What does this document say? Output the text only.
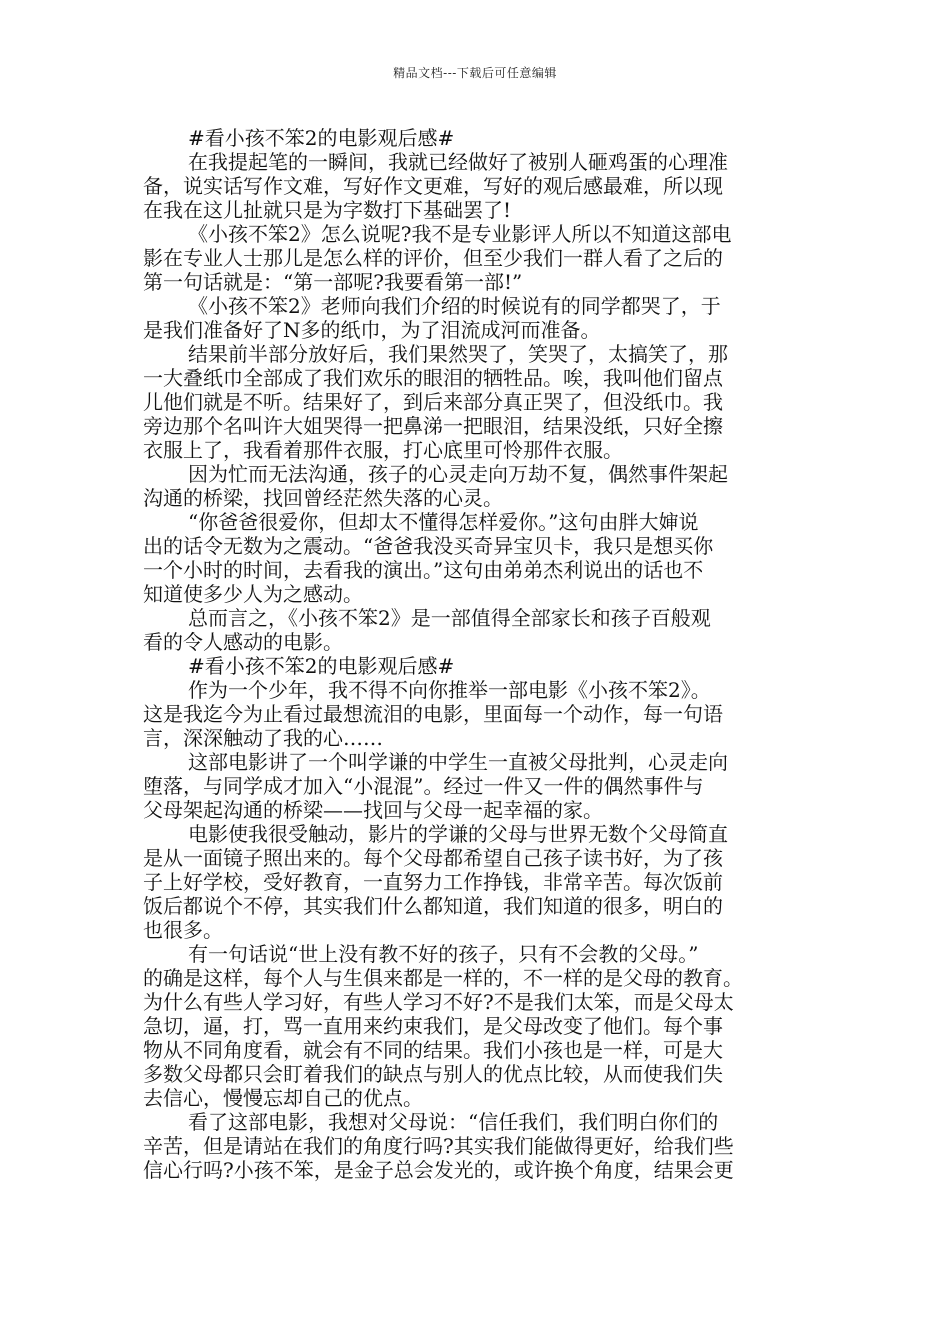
精品文档---下载后可任意编辑
#看小孩不笨2的电影观后感#
在我提起笔的一瞬间，我就已经做好了被别人砸鸡蛋的心理准
备，说实话写作文难，写好作文更难，写好的观后感最难，所以现
在我在这儿扯就只是为字数打下基础罢了!
《小孩不笨2》怎么说呢?我不是专业影评人所以不知道这部电
影在专业人士那儿是怎么样的评价，但至少我们一群人看了之后的
第一句话就是：“第一部呢?我要看第一部!”
《小孩不笨2》老师向我们介绍的时候说有的同学都哭了，于
是我们准备好了N多的纸巾，为了泪流成河而准备。
结果前半部分放好后，我们果然哭了，笑哭了，太搞笑了，那
一大叠纸巾全部成了我们欢乐的眼泪的牺牲品。唉，我叫他们留点
儿他们就是不听。结果好了，到后来部分真正哭了，但没纸巾。我
旁边那个名叫许大姐哭得一把鼻涕一把眼泪，结果没纸，只好全擦
衣服上了，我看着那件衣服，打心底里可怜那件衣服。
因为忙而无法沟通，孩子的心灵走向万劫不复，偶然事件架起
沟通的桥梁，找回曾经茫然失落的心灵。
“你爸爸很爱你，但却太不懂得怎样爱你。”这句由胖大婶说
出的话令无数为之震动。“爸爸我没买奇异宝贝卡，我只是想买你
一个小时的时间，去看我的演出。”这句由弟弟杰利说出的话也不
知道使多少人为之感动。
总而言之，《小孩不笨2》是一部值得全部家长和孩子百般观
看的令人感动的电影。
#看小孩不笨2的电影观后感#
作为一个少年，我不得不向你推举一部电影《小孩不笨2》。
这是我迄今为止看过最想流泪的电影，里面每一个动作，每一句语
言，深深触动了我的心……
这部电影讲了一个叫学谦的中学生一直被父母批判，心灵走向
堕落，与同学成才加入“小混混”。经过一件又一件的偶然事件与
父母架起沟通的桥梁——找回与父母一起幸福的家。
电影使我很受触动，影片的学谦的父母与世界无数个父母简直
是从一面镜子照出来的。每个父母都希望自己孩子读书好，为了孩
子上好学校，受好教育，一直努力工作挣钱，非常辛苦。每次饭前
饭后都说个不停，其实我们什么都知道，我们知道的很多，明白的
也很多。
有一句话说“世上没有教不好的孩子，只有不会教的父母。”
的确是这样，每个人与生俱来都是一样的，不一样的是父母的教育。
为什么有些人学习好，有些人学习不好?不是我们太笨，而是父母太
急切，逼，打，骂一直用来约束我们，是父母改变了他们。每个事
物从不同角度看，就会有不同的结果。我们小孩也是一样，可是大
多数父母都只会盯着我们的缺点与别人的优点比较，从而使我们失
去信心，慢慢忘却自己的优点。
看了这部电影，我想对父母说：“信任我们，我们明白你们的
辛苦，但是请站在我们的角度行吗?其实我们能做得更好，给我们些
信心行吗?小孩不笨，是金子总会发光的，或许换个角度，结果会更
